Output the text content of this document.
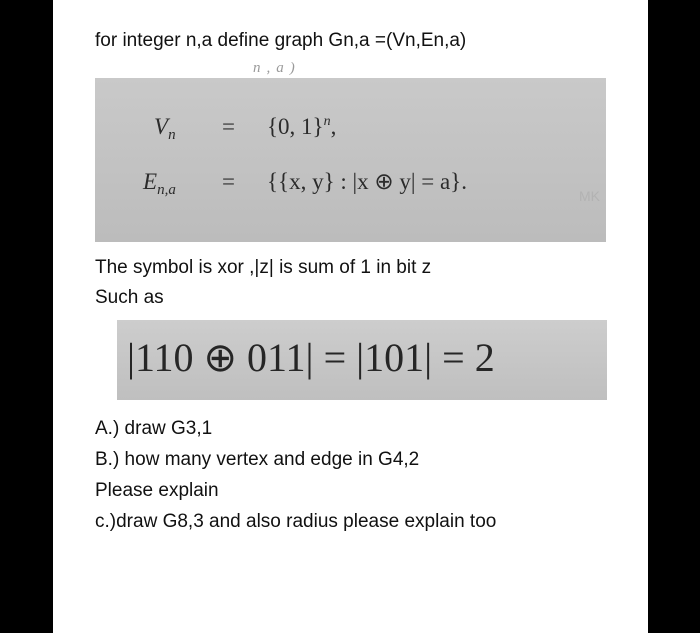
for integer n,a define graph Gn,a =(Vn,En,a)
n,a)
$V_n = \{0$, 1}$^n$,
$E_{n,a} = \{\{x$, y} : |x ⊕ y| = a}.
MK
The symbol is xor ,|z| is sum of 1 in bit z
Such as
|110 ⊕ 011| = |101| = 2
A.) draw G3,1
B.) how many vertex and edge in G4,2
Please explain
c.)draw G8,3 and also radius please explain too
